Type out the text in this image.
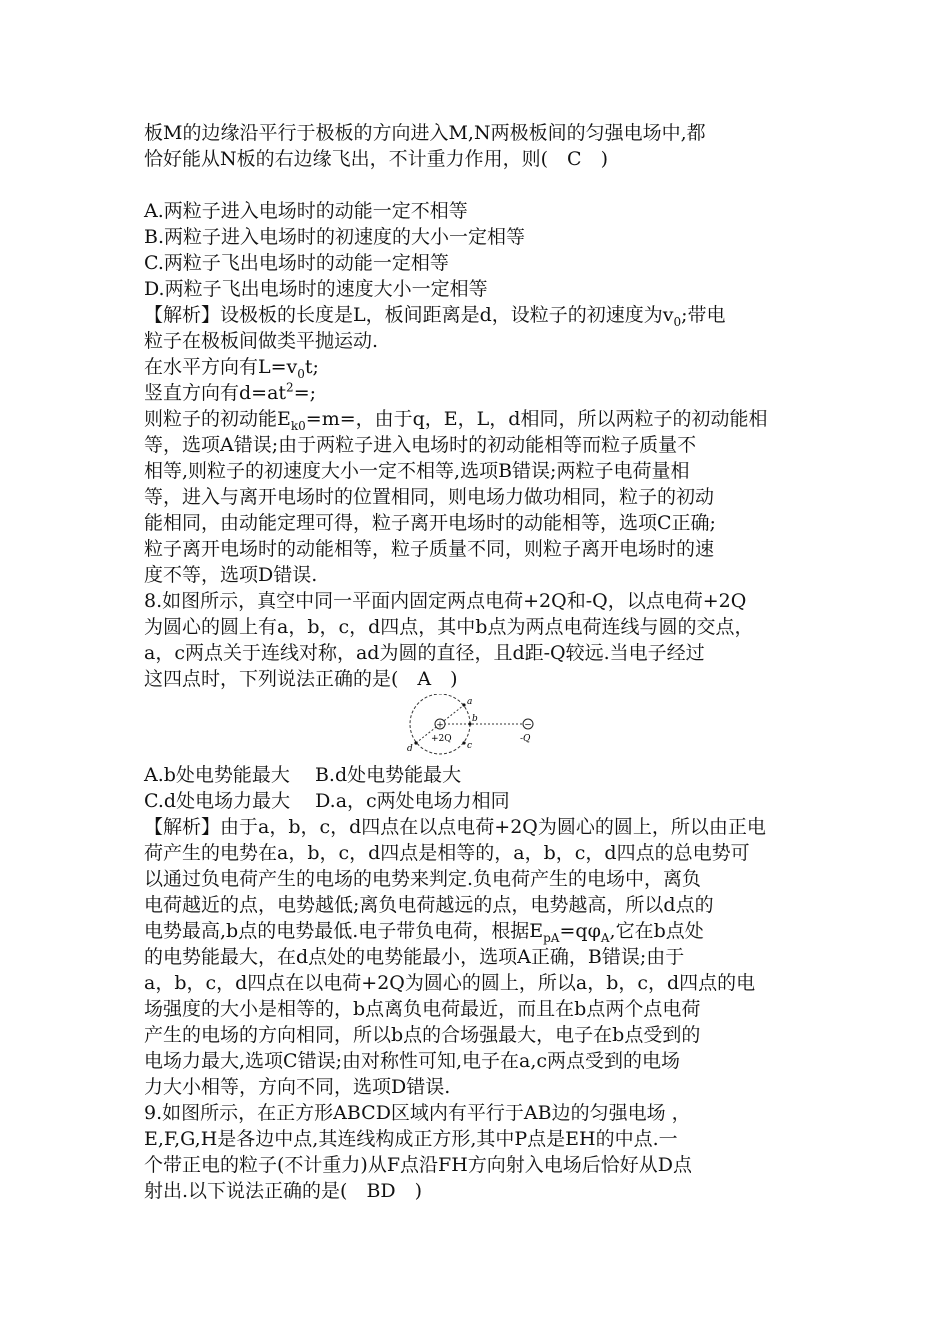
板M的边缘沿平行于极板的方向进入M,N两极板间的匀强电场中,都
恰好能从N板的右边缘飞出，不计重力作用，则(　C　)
A.两粒子进入电场时的动能一定不相等
B.两粒子进入电场时的初速度的大小一定相等
C.两粒子飞出电场时的动能一定相等
D.两粒子飞出电场时的速度大小一定相等
【解析】设极板的长度是L，板间距离是d，设粒子的初速度为$v_0$;带电
粒子在极板间做类平抛运动.
在水平方向有$L=v_0t$;
竖直方向有$d=at^2=$;
则粒子的初动能$E_{k0}=m=$，由于q，E，L，d相同，所以两粒子的初动能相
等，选项A错误;由于两粒子进入电场时的初动能相等而粒子质量不
相等,则粒子的初速度大小一定不相等,选项B错误;两粒子电荷量相
等，进入与离开电场时的位置相同，则电场力做功相同，粒子的初动
能相同，由动能定理可得，粒子离开电场时的动能相等，选项C正确;
粒子离开电场时的动能相等，粒子质量不同，则粒子离开电场时的速
度不等，选项D错误.
8.如图所示，真空中同一平面内固定两点电荷+2Q和-Q，以点电荷+2Q
为圆心的圆上有a，b，c，d四点，其中b点为两点电荷连线与圆的交点，
a，c两点关于连线对称，ad为圆的直径，且d距-Q较远.当电子经过
这四点时，下列说法正确的是(　A　)
+	−
a
b
c
d
+2Q	-Q
A.b处电势能最大　 B.d处电势能最大
C.d处电场力最大　 D.a，c两处电场力相同
【解析】由于a，b，c，d四点在以点电荷+2Q为圆心的圆上，所以由正电
荷产生的电势在a，b，c，d四点是相等的，a，b，c，d四点的总电势可
以通过负电荷产生的电场的电势来判定.负电荷产生的电场中，离负
电荷越近的点，电势越低;离负电荷越远的点，电势越高，所以d点的
电势最高,b点的电势最低.电子带负电荷，根据$E_{pA}=q\varphi_A$,它在b点处
的电势能最大，在d点处的电势能最小，选项A正确，B错误;由于
a，b，c，d四点在以电荷+2Q为圆心的圆上，所以a，b，c，d四点的电
场强度的大小是相等的，b点离负电荷最近，而且在b点两个点电荷
产生的电场的方向相同，所以b点的合场强最大，电子在b点受到的
电场力最大,选项C错误;由对称性可知,电子在a,c两点受到的电场
力大小相等，方向不同，选项D错误.
9.如图所示，在正方形ABCD区域内有平行于AB边的匀强电场 ，
E,F,G,H是各边中点,其连线构成正方形,其中P点是EH的中点.一
个带正电的粒子(不计重力)从F点沿FH方向射入电场后恰好从D点
射出.以下说法正确的是(　BD　)
